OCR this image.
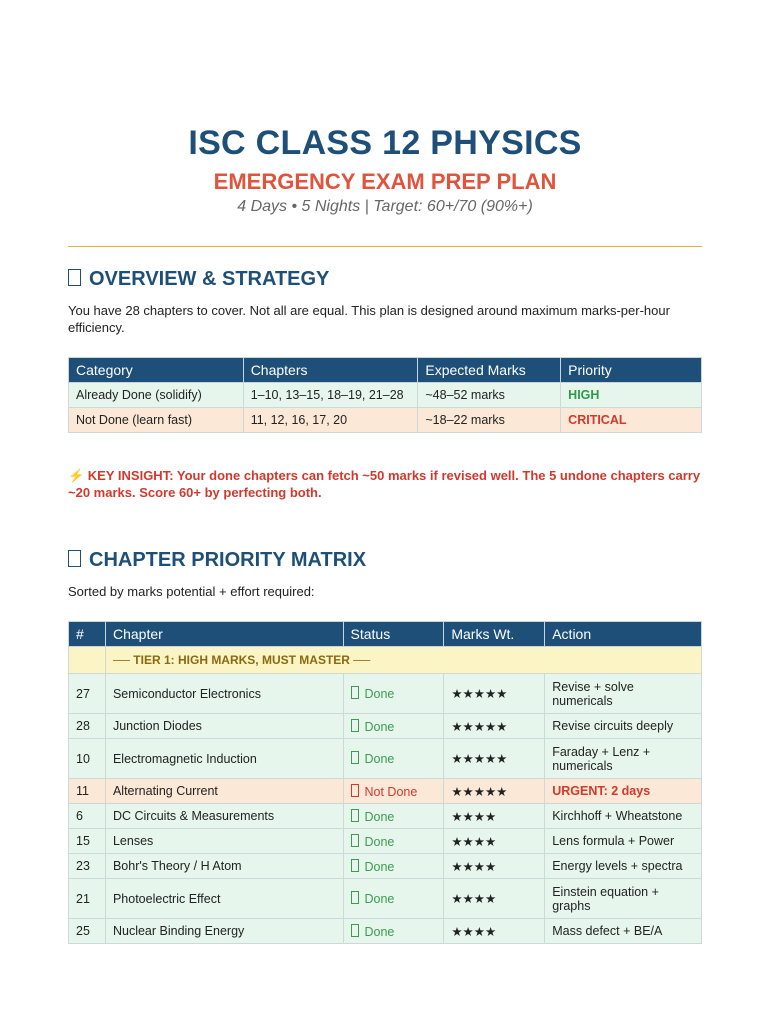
ISC CLASS 12 PHYSICS
EMERGENCY EXAM PREP PLAN
4 Days • 5 Nights | Target: 60+/70 (90%+)
OVERVIEW & STRATEGY
You have 28 chapters to cover. Not all are equal. This plan is designed around maximum marks-per-hour efficiency.
Category	Chapters	Expected Marks	Priority
Already Done (solidify)	1–10, 13–15, 18–19, 21–28	~48–52 marks	HIGH
Not Done (learn fast)	11, 12, 16, 17, 20	~18–22 marks	CRITICAL
⚡ KEY INSIGHT: Your done chapters can fetch ~50 marks if revised well. The 5 undone chapters carry ~20 marks. Score 60+ by perfecting both.
CHAPTER PRIORITY MATRIX
Sorted by marks potential + effort required:
#	Chapter	Status	Marks Wt.	Action
	── TIER 1: HIGH MARKS, MUST MASTER ──			
27	Semiconductor Electronics	Done	★★★★★	Revise + solve numericals
28	Junction Diodes	Done	★★★★★	Revise circuits deeply
10	Electromagnetic Induction	Done	★★★★★	Faraday + Lenz + numericals
11	Alternating Current	Not Done	★★★★★	URGENT: 2 days
6	DC Circuits & Measurements	Done	★★★★	Kirchhoff + Wheatstone
15	Lenses	Done	★★★★	Lens formula + Power
23	Bohr's Theory / H Atom	Done	★★★★	Energy levels + spectra
21	Photoelectric Effect	Done	★★★★	Einstein equation + graphs
25	Nuclear Binding Energy	Done	★★★★	Mass defect + BE/A
